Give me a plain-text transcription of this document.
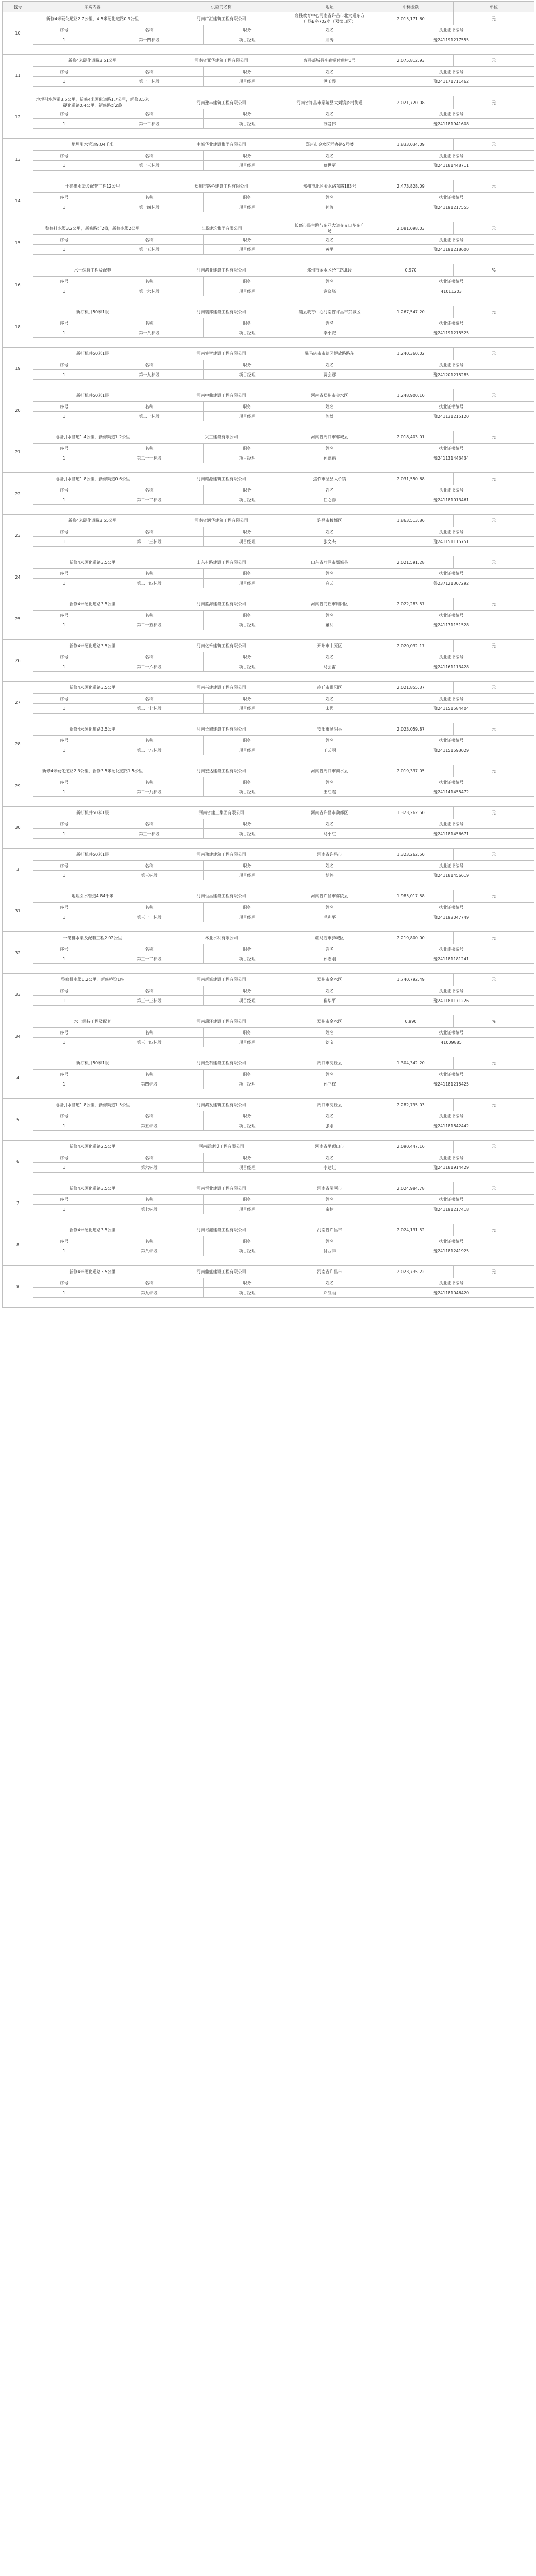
包号	采购内容		供应商名称		地址	中标金额	单位
10	新修4米硬化道路2.7公里，4.5米硬化道路0.9公里		河南广汇建筑工程有限公司		襄县教育中心河南省许昌市北大道东方广场B座702室（双盘口区）	2,015,171.60	元
	序号	名称		职务	姓名	执业证书编号	
	1	第十四标段		项目经理	刘涛	豫241191217555	

11	新修4米硬化道路3.51公里		河南省亚华建筑工程有限公司		襄县郏城县李寨镇付曲村1号	2,075,812.93	元
	序号	名称		职务	姓名	执业证书编号	
	1	第十一标段		项目经理	尹玉霞	豫241171711462	

12	地埋引水管道3.5公里，新修4米硬化道路1.7公里，新修3.5米硬化道路0.4公里，新修路灯2盏		河南豫丰建筑工程有限公司		河南省许昌市鄢陵县大刘镇乡村街道	2,021,720.08	元
	序号	名称		职务	姓名	执业证书编号	
	1	第十二标段		项目经理	苏爱伟	豫241181941608	

13	地埋引水管道9.04千米		中城华业建设集团有限公司		郑州市金水区群办路5号楼	1,833,034.09	元
	序号	名称		职务	姓名	执业证书编号	
	1	第十三标段		项目经理	蔡世军	豫241181448711	

14	干砌排水渠及配套工程12公里		郑州市路桥建设工程有限公司		郑州市北区金水路东路183号	2,473,828.09	元
	序号	名称		职务	姓名	执业证书编号	
	1	第十四标段		项目经理	孙涛	豫241191217555	

15	整修排水渠3.2公里，新修路灯2盏，新修水渠2公里		长葛建筑集团有限公司		长葛市民生路与东亚大道交叉口华东广场	2,081,098.03	元
	序号	名称		职务	姓名	执业证书编号	
	1	第十五标段		项目经理	黄平	豫241191218600	

16	水土保持工程及配套		河南鸿业建设工程有限公司		郑州市金水区经三路北段	0.970	%
	序号	名称		职务	姓名	执业证书编号	
	1	第十六标段		项目经理	谢晓峰	41011203	

18	新打机井50米1眼		河南瑞邦建设工程有限公司		襄县教育中心河南省许昌市东城区	1,267,547.20	元
	序号	名称		职务	姓名	执业证书编号	
	1	第十八标段		项目经理	李小安	豫241191215525	

19	新打机井50米1眼		河南睿智建设工程有限公司		驻马店市市辖区解放路路东	1,240,360.02	元
	序号	名称		职务	姓名	执业证书编号	
	1	第十九标段		项目经理	贾会娜	豫241201215285	

20	新打机井50米1眼		河南中鼎建设工程有限公司		河南省郑州市金水区	1,248,900.10	元
	序号	名称		职务	姓名	执业证书编号	
	1	第二十标段		项目经理	陈博	豫241131215120	

21	地埋引水管道1.4公里，新修渠道1.2公里		兴工建设有限公司		河南省周口市郸城县	2,018,403.01	元
	序号	名称		职务	姓名	执业证书编号	
	1	第二十一标段		项目经理	孙德福	豫241131443434	

22	地埋引水管道1.8公里，新修渠道0.6公里		河南耀源建筑工程有限公司		焦作市温县大桥镇	2,031,550.68	元
	序号	名称		职务	姓名	执业证书编号	
	1	第二十二标段		项目经理	任之春	豫241181013461	

23	新修4米硬化道路3.55公里		河南省润华建筑工程有限公司		许昌市魏都区	1,863,513.86	元
	序号	名称		职务	姓名	执业证书编号	
	1	第二十三标段		项目经理	张文杰	豫241151115751	

24	新修4米硬化道路3.5公里		山东有路建设工程有限公司		山东省菏泽市鄄城县	2,021,591.28	元
	序号	名称		职务	姓名	执业证书编号	
	1	第二十四标段		项目经理	白云	鲁237121307292	

25	新修4米硬化道路3.5公里		河南蓝海建设工程有限公司		河南省商丘市睢阳区	2,022,283.57	元
	序号	名称		职务	姓名	执业证书编号	
	1	第二十五标段		项目经理	董利	豫241171151528	

26	新修4米硬化道路3.5公里		河南亿禾建筑工程有限公司		郑州市中原区	2,020,032.17	元
	序号	名称		职务	姓名	执业证书编号	
	1	第二十六标段		项目经理	马会雷	豫241161113428	

27	新修4米硬化道路3.5公里		河南兴建建设工程有限公司		商丘市睢阳区	2,021,855.37	元
	序号	名称		职务	姓名	执业证书编号	
	1	第二十七标段		项目经理	宋强	豫241151584404	

28	新修4米硬化道路3.5公里		河南长城建设工程有限公司		安阳市汤阴县	2,023,059.87	元
	序号	名称		职务	姓名	执业证书编号	
	1	第二十八标段		项目经理	王云丽	豫241151593029	

29	新修4米硬化道路2.3公里，新修3.5米硬化道路1.5公里		河南宏达建设工程有限公司		河南省周口市商水县	2,019,337.05	元
	序号	名称		职务	姓名	执业证书编号	
	1	第二十九标段		项目经理	王红霞	豫241141455472	

30	新打机井50米1眼		河南省建工集团有限公司		河南省许昌市魏都区	1,323,262.50	元
	序号	名称		职务	姓名	执业证书编号	
	1	第三十标段		项目经理	马小红	豫241181456671	

3	新打机井50米1眼		河南豫建建筑工程有限公司		河南省许昌市	1,323,262.50	元
	序号	名称		职务	姓名	执业证书编号	
	1	第三标段		项目经理	胡婷	豫241181456619	

31	地埋引水管道4.84千米		河南恒昌建设工程有限公司		河南省许昌市鄢陵县	1,985,017.58	元
	序号	名称		职务	姓名	执业证书编号	
	1	第三十一标段		项目经理	冯利平	豫241192047749	

32	干砌排水渠及配套工程2.02公里		林业水利有限公司		驻马店市驿城区	2,219,800.00	元
	序号	名称		职务	姓名	执业证书编号	
	1	第三十二标段		项目经理	孙志刚	豫241181181241	

33	整修排水渠1.2公里，新修桥梁1座		河南新诚建设工程有限公司		郑州市金水区	1,740,792.49	元
	序号	名称		职务	姓名	执业证书编号	
	1	第三十三标段		项目经理	崔华平	豫241181171226	

34	水土保持工程及配套		河南瑞泽建设工程有限公司		郑州市金水区	0.990	%
	序号	名称		职务	姓名	执业证书编号	
	1	第三十四标段		项目经理	刘宝	41009885	

4	新打机井50米1眼		河南金石建设工程有限公司		周口市沈丘县	1,304,342.20	元
	序号	名称		职务	姓名	执业证书编号	
	1	第四标段		项目经理	孙三权	豫241181215425	

5	地埋引水管道1.8公里，新修渠道1.5公里		河南鸿发建筑工程有限公司		周口市沈丘县	2,282,795.03	元
	序号	名称		职务	姓名	执业证书编号	
	1	第五标段		项目经理	张刚	豫241181842442	

6	新修4米硬化道路2.5公里		河南辰建设工程有限公司		河南省平顶山市	2,090,447.16	元
	序号	名称		职务	姓名	执业证书编号	
	1	第六标段		项目经理	李建红	豫241181914429	

7	新修4米硬化道路3.5公里		河南恒业建设工程有限公司		河南省漯河市	2,024,984.78	元
	序号	名称		职务	姓名	执业证书编号	
	1	第七标段		项目经理	秦楠	豫241191217418	

8	新修4米硬化道路3.5公里		河南裕鑫建设工程有限公司		河南省许昌市	2,024,131.52	元
	序号	名称		职务	姓名	执业证书编号	
	1	第八标段		项目经理	付西萍	豫241181241925	

9	新修4米硬化道路3.5公里		河南鼎盛建设工程有限公司		河南省许昌市	2,023,735.22	元
	序号	名称		职务	姓名	执业证书编号	
	1	第九标段		项目经理	邓凯丽	豫241181046420	
